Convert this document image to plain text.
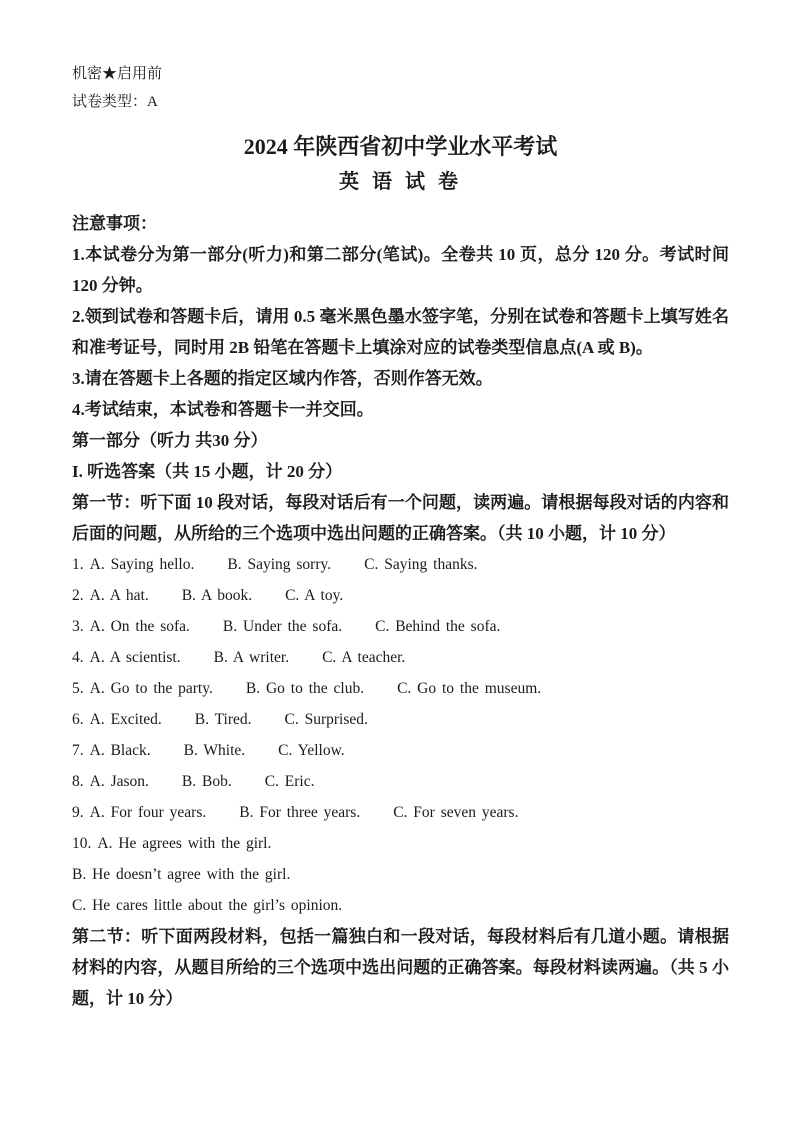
机密★启用前
试卷类型：A
2024 年陕西省初中学业水平考试
英 语 试 卷
注意事项：
1.本试卷分为第一部分(听力)和第二部分(笔试)。全卷共 10 页，总分 120 分。考试时间 120 分钟。
2.领到试卷和答题卡后，请用 0.5 毫米黑色墨水签字笔，分别在试卷和答题卡上填写姓名和准考证号，同时用 2B 铅笔在答题卡上填涂对应的试卷类型信息点(A 或 B)。
3.请在答题卡上各题的指定区域内作答，否则作答无效。
4.考试结束，本试卷和答题卡一并交回。
第一部分（听力 共30 分）
I. 听选答案（共 15 小题，计 20 分）
第一节：听下面 10 段对话，每段对话后有一个问题，读两遍。请根据每段对话的内容和后面的问题，从所给的三个选项中选出问题的正确答案。（共 10 小题，计 10 分）
1. A. Saying hello. B. Saying sorry. C. Saying thanks.
2. A. A hat. B. A book. C. A toy.
3. A. On the sofa. B. Under the sofa. C. Behind the sofa.
4. A. A scientist. B. A writer. C. A teacher.
5. A. Go to the party. B. Go to the club. C. Go to the museum.
6. A. Excited. B. Tired. C. Surprised.
7. A. Black. B. White. C. Yellow.
8. A. Jason. B. Bob. C. Eric.
9. A. For four years. B. For three years. C. For seven years.
10. A. He agrees with the girl.
B. He doesn’t agree with the girl.
C. He cares little about the girl’s opinion.
第二节：听下面两段材料，包括一篇独白和一段对话，每段材料后有几道小题。请根据材料的内容，从题目所给的三个选项中选出问题的正确答案。每段材料读两遍。（共 5 小题，计 10 分）
